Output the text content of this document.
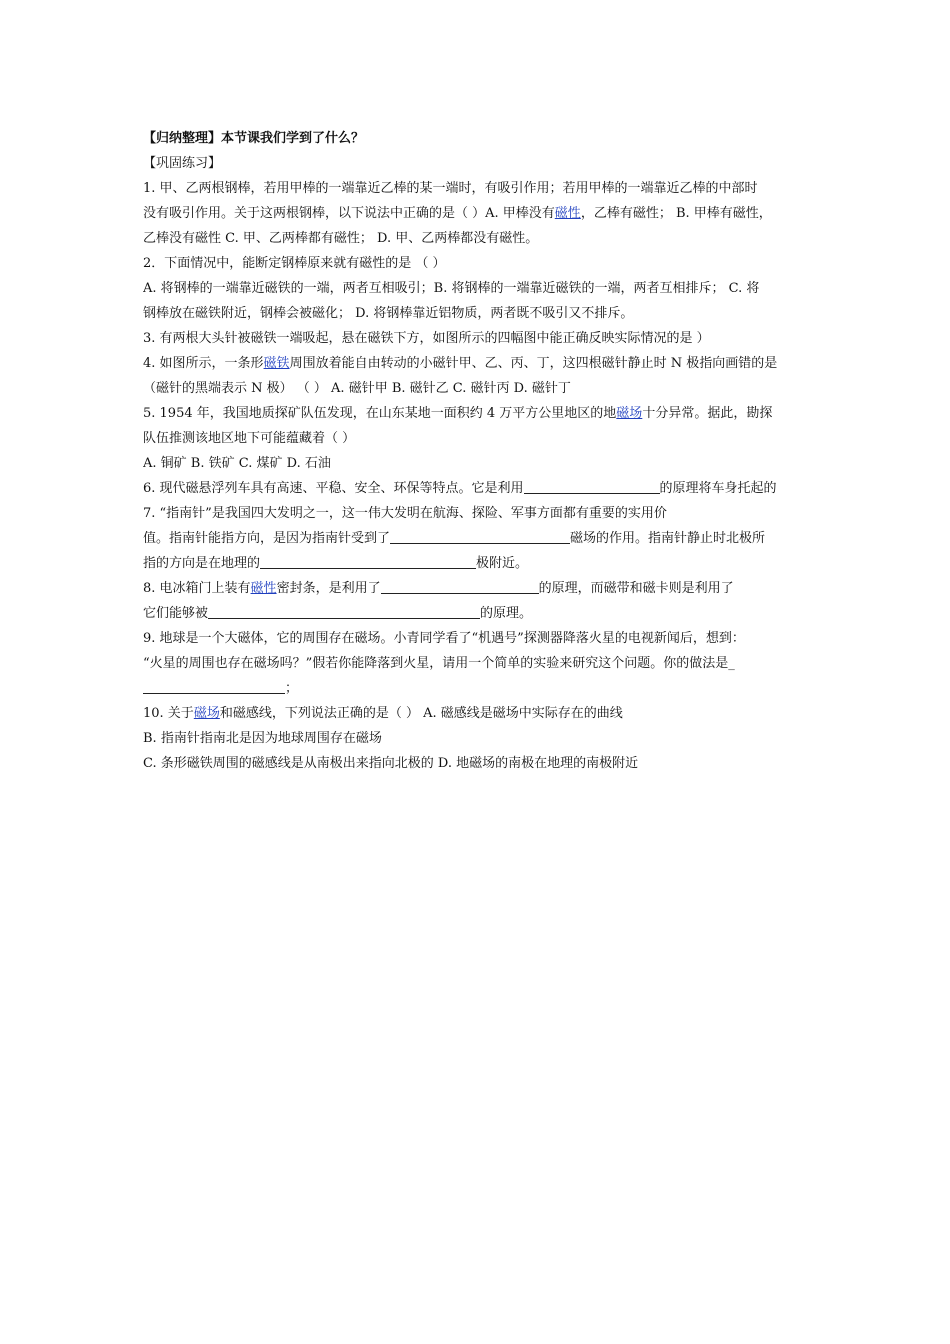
【归纳整理】本节课我们学到了什么？
【巩固练习】
1. 甲、乙两根钢棒，若用甲棒的一端靠近乙棒的某一端时，有吸引作用；若用甲棒的一端靠近乙棒的中部时
没有吸引作用。关于这两根钢棒，以下说法中正确的是（ ）A. 甲棒没有磁性，乙棒有磁性； B. 甲棒有磁性，
乙棒没有磁性 C. 甲、乙两棒都有磁性； D. 甲、乙两棒都没有磁性。
2．下面情况中，能断定钢棒原来就有磁性的是 （ ）
A. 将钢棒的一端靠近磁铁的一端，两者互相吸引；B. 将钢棒的一端靠近磁铁的一端，两者互相排斥； C. 将
钢棒放在磁铁附近，钢棒会被磁化； D. 将钢棒靠近铝物质，两者既不吸引又不排斥。
3. 有两根大头针被磁铁一端吸起，悬在磁铁下方，如图所示的四幅图中能正确反映实际情况的是 ）
4. 如图所示，一条形磁铁周围放着能自由转动的小磁针甲、乙、丙、丁，这四根磁针静止时 N 极指向画错的是
（磁针的黑端表示 N 极） （ ） A. 磁针甲 B. 磁针乙 C. 磁针丙 D. 磁针丁
5. 1954 年，我国地质探矿队伍发现，在山东某地一面积约 4 万平方公里地区的地磁场十分异常。据此，勘探
队伍推测该地区地下可能蕴藏着（ ）
A. 铜矿 B. 铁矿 C. 煤矿 D. 石油
6. 现代磁悬浮列车具有高速、平稳、安全、环保等特点。它是利用	的原理将车身托起的
7. “指南针”是我国四大发明之一，这一伟大发明在航海、探险、军事方面都有重要的实用价
值。指南针能指方向，是因为指南针受到了	磁场的作用。指南针静止时北极所
指的方向是在地理的	极附近。
8. 电冰箱门上装有磁性密封条，是利用了	的原理，而磁带和磁卡则是利用了
它们能够被	的原理。
9. 地球是一个大磁体，它的周围存在磁场。小青同学看了“机遇号”探测器降落火星的电视新闻后，想到：
“火星的周围也存在磁场吗？”假若你能降落到火星，请用一个简单的实验来研究这个问题。你的做法是_
；
10. 关于磁场和磁感线，下列说法正确的是（ ） A. 磁感线是磁场中实际存在的曲线
B. 指南针指南北是因为地球周围存在磁场
C. 条形磁铁周围的磁感线是从南极出来指向北极的 D. 地磁场的南极在地理的南极附近
